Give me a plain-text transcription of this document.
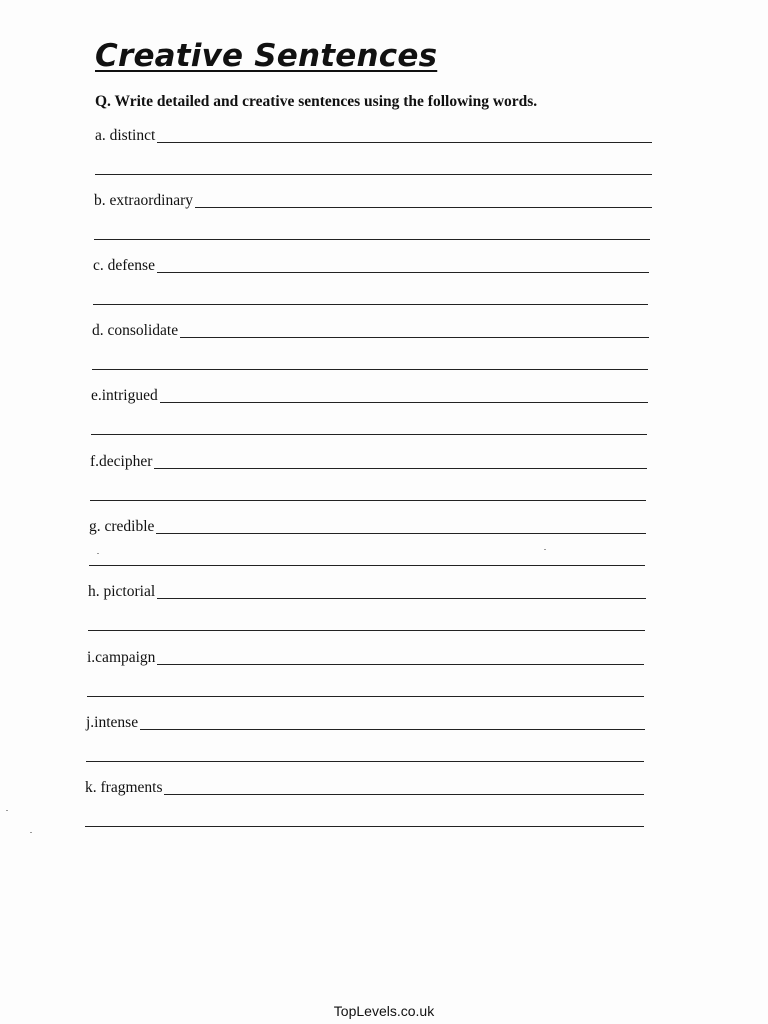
Creative Sentences
Q. Write detailed and creative sentences using the following words.
a. distinct
b. extraordinary
c. defense
d. consolidate
e.intrigued
f.decipher
g. credible
h. pictorial
i.campaign
j.intense
k. fragments
TopLevels.co.uk
